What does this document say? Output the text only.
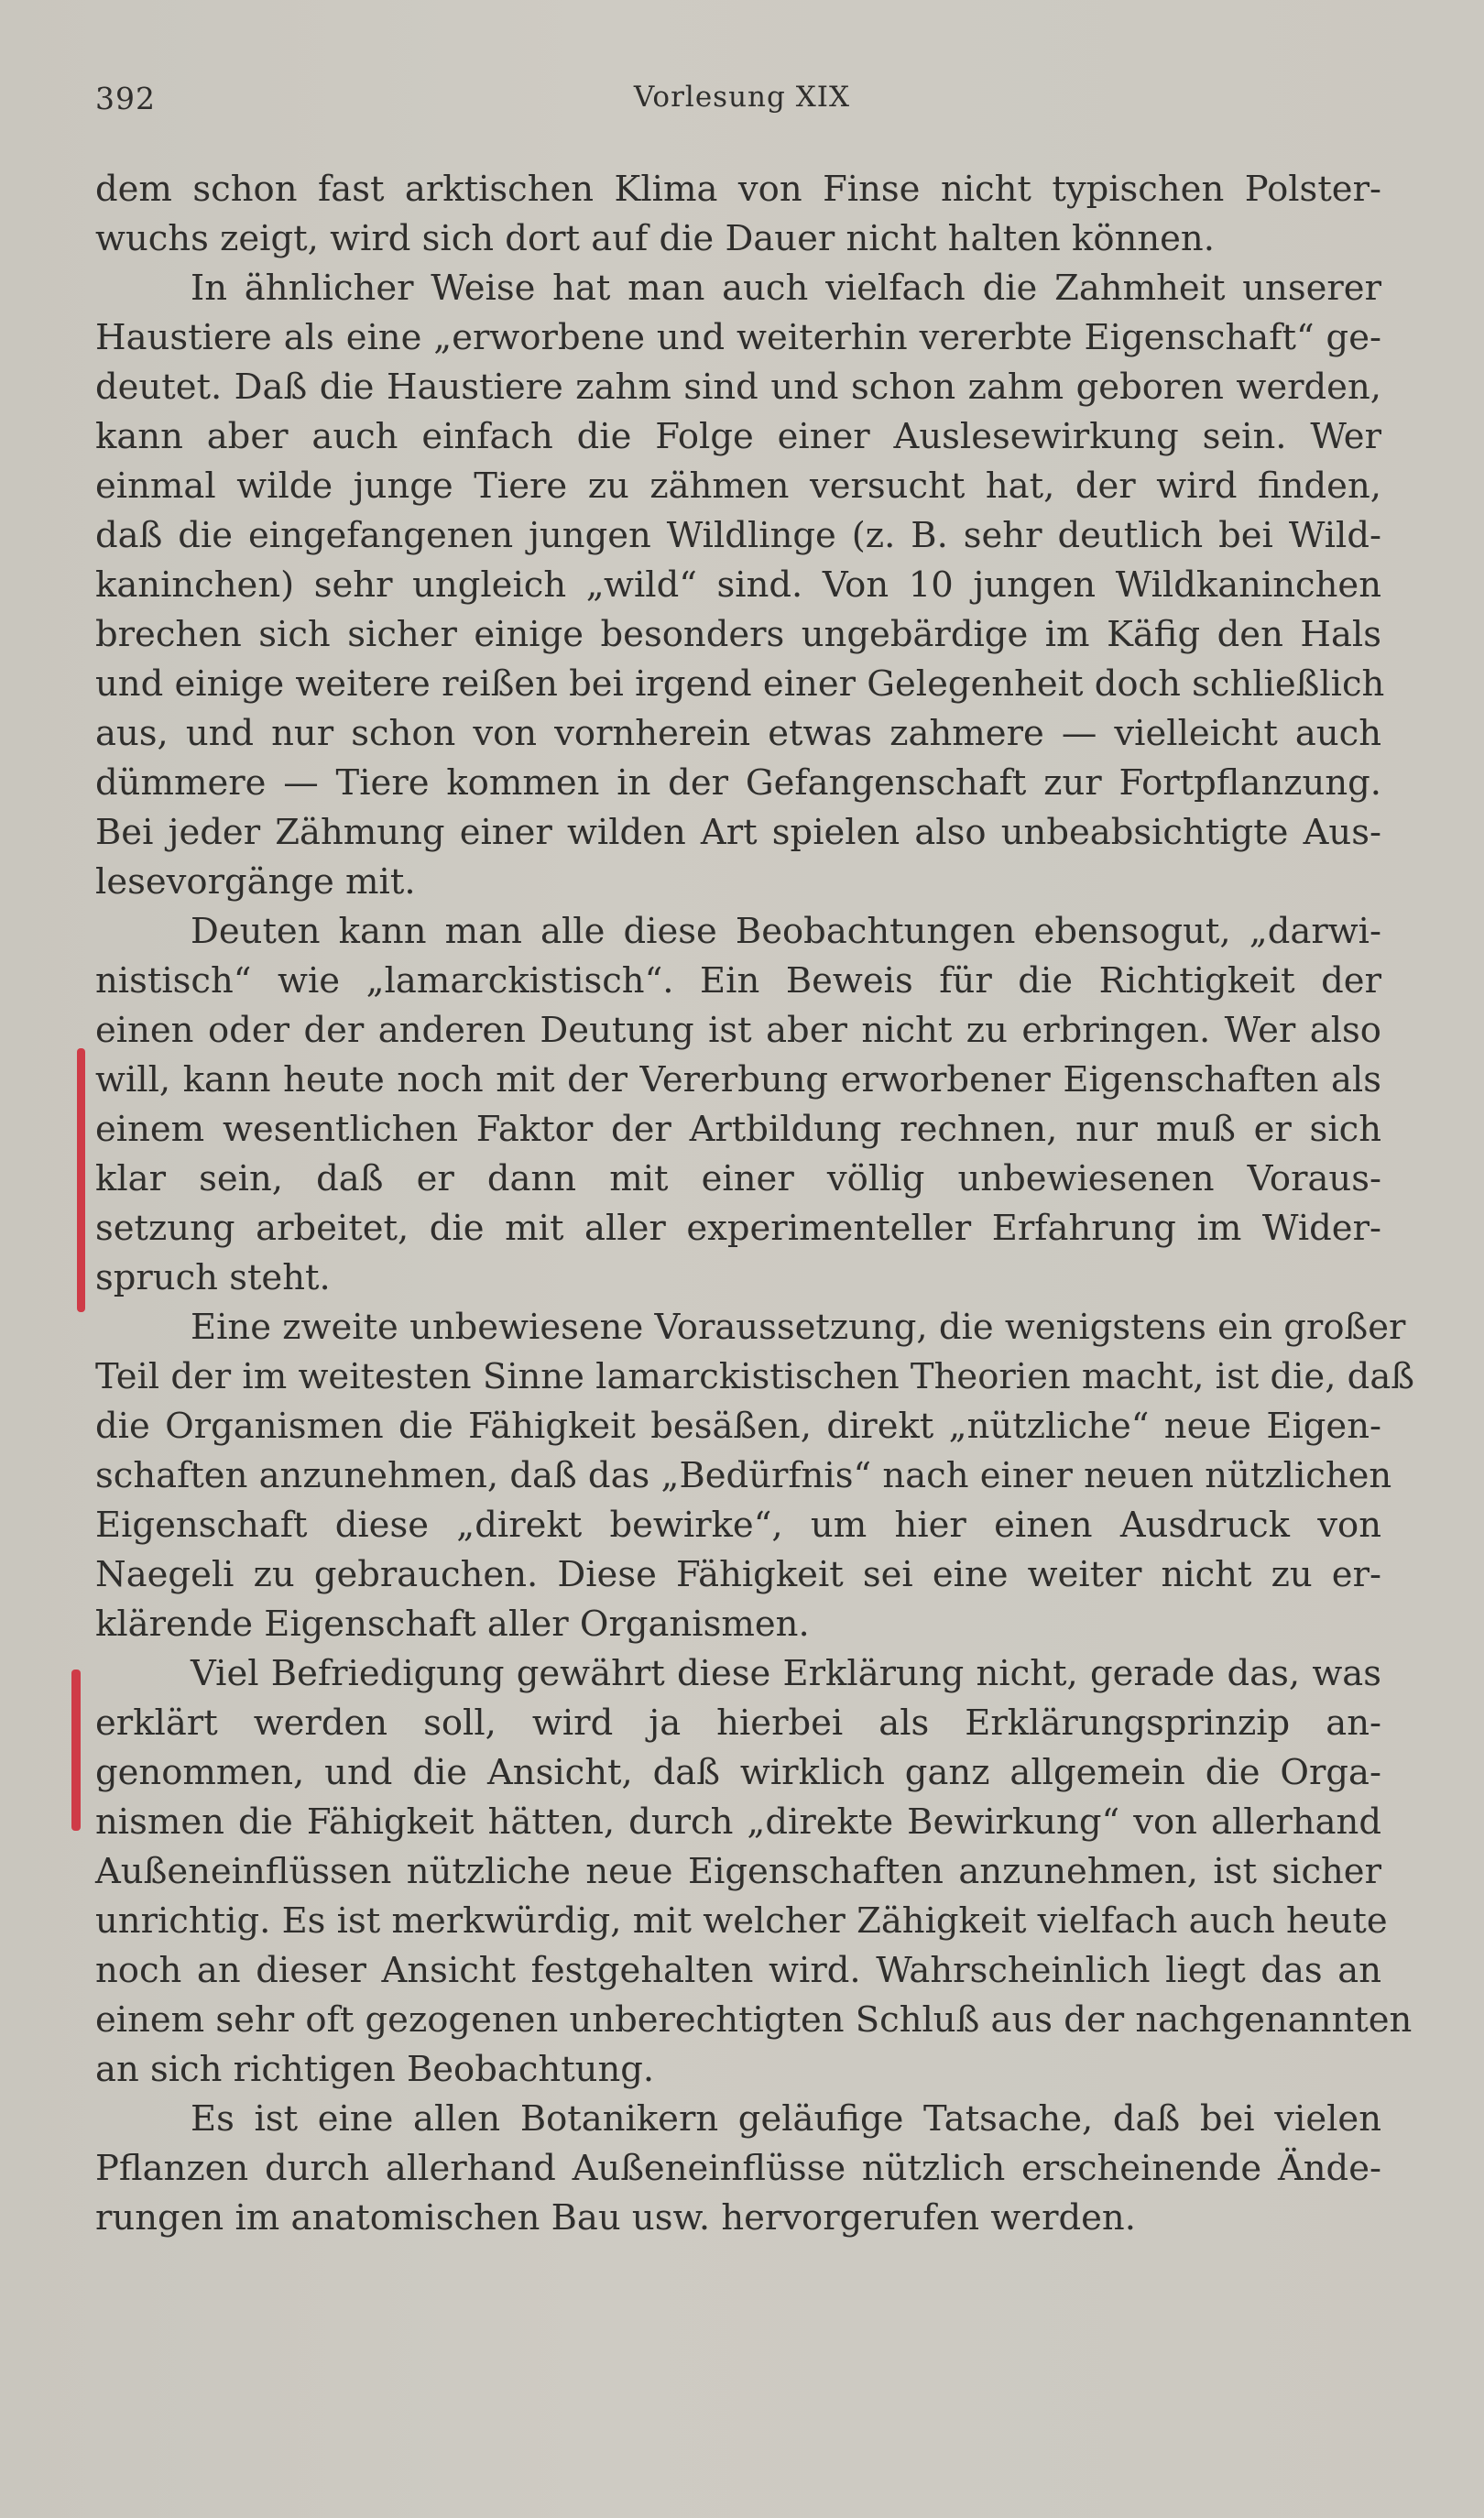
392	Vorlesung XIX
dem schon fast arktischen Klima von Finse nicht typischen Polster-
wuchs zeigt, wird sich dort auf die Dauer nicht halten können.
In ähnlicher Weise hat man auch vielfach die Zahmheit unserer
Haustiere als eine „erworbene und weiterhin vererbte Eigenschaft“ ge-
deutet. Daß die Haustiere zahm sind und schon zahm geboren werden,
kann aber auch einfach die Folge einer Auslesewirkung sein. Wer
einmal wilde junge Tiere zu zähmen versucht hat, der wird finden,
daß die eingefangenen jungen Wildlinge (z. B. sehr deutlich bei Wild-
kaninchen) sehr ungleich „wild“ sind. Von 10 jungen Wildkaninchen
brechen sich sicher einige besonders ungebärdige im Käfig den Hals
und einige weitere reißen bei irgend einer Gelegenheit doch schließlich
aus, und nur schon von vornherein etwas zahmere — vielleicht auch
dümmere — Tiere kommen in der Gefangenschaft zur Fortpflanzung.
Bei jeder Zähmung einer wilden Art spielen also unbeabsichtigte Aus-
lesevorgänge mit.
Deuten kann man alle diese Beobachtungen ebensogut, „darwi-
nistisch“ wie „lamarckistisch“. Ein Beweis für die Richtigkeit der
einen oder der anderen Deutung ist aber nicht zu erbringen. Wer also
will, kann heute noch mit der Vererbung erworbener Eigenschaften als
einem wesentlichen Faktor der Artbildung rechnen, nur muß er sich
klar sein, daß er dann mit einer völlig unbewiesenen Voraus-
setzung arbeitet, die mit aller experimenteller Erfahrung im Wider-
spruch steht.
Eine zweite unbewiesene Voraussetzung, die wenigstens ein großer
Teil der im weitesten Sinne lamarckistischen Theorien macht, ist die, daß
die Organismen die Fähigkeit besäßen, direkt „nützliche“ neue Eigen-
schaften anzunehmen, daß das „Bedürfnis“ nach einer neuen nützlichen
Eigenschaft diese „direkt bewirke“, um hier einen Ausdruck von
Naegeli zu gebrauchen. Diese Fähigkeit sei eine weiter nicht zu er-
klärende Eigenschaft aller Organismen.
Viel Befriedigung gewährt diese Erklärung nicht, gerade das, was
erklärt werden soll, wird ja hierbei als Erklärungsprinzip an-
genommen, und die Ansicht, daß wirklich ganz allgemein die Orga-
nismen die Fähigkeit hätten, durch „direkte Bewirkung“ von allerhand
Außeneinflüssen nützliche neue Eigenschaften anzunehmen, ist sicher
unrichtig. Es ist merkwürdig, mit welcher Zähigkeit vielfach auch heute
noch an dieser Ansicht festgehalten wird. Wahrscheinlich liegt das an
einem sehr oft gezogenen unberechtigten Schluß aus der nachgenannten
an sich richtigen Beobachtung.
Es ist eine allen Botanikern geläufige Tatsache, daß bei vielen
Pflanzen durch allerhand Außeneinflüsse nützlich erscheinende Ände-
rungen im anatomischen Bau usw. hervorgerufen werden.
